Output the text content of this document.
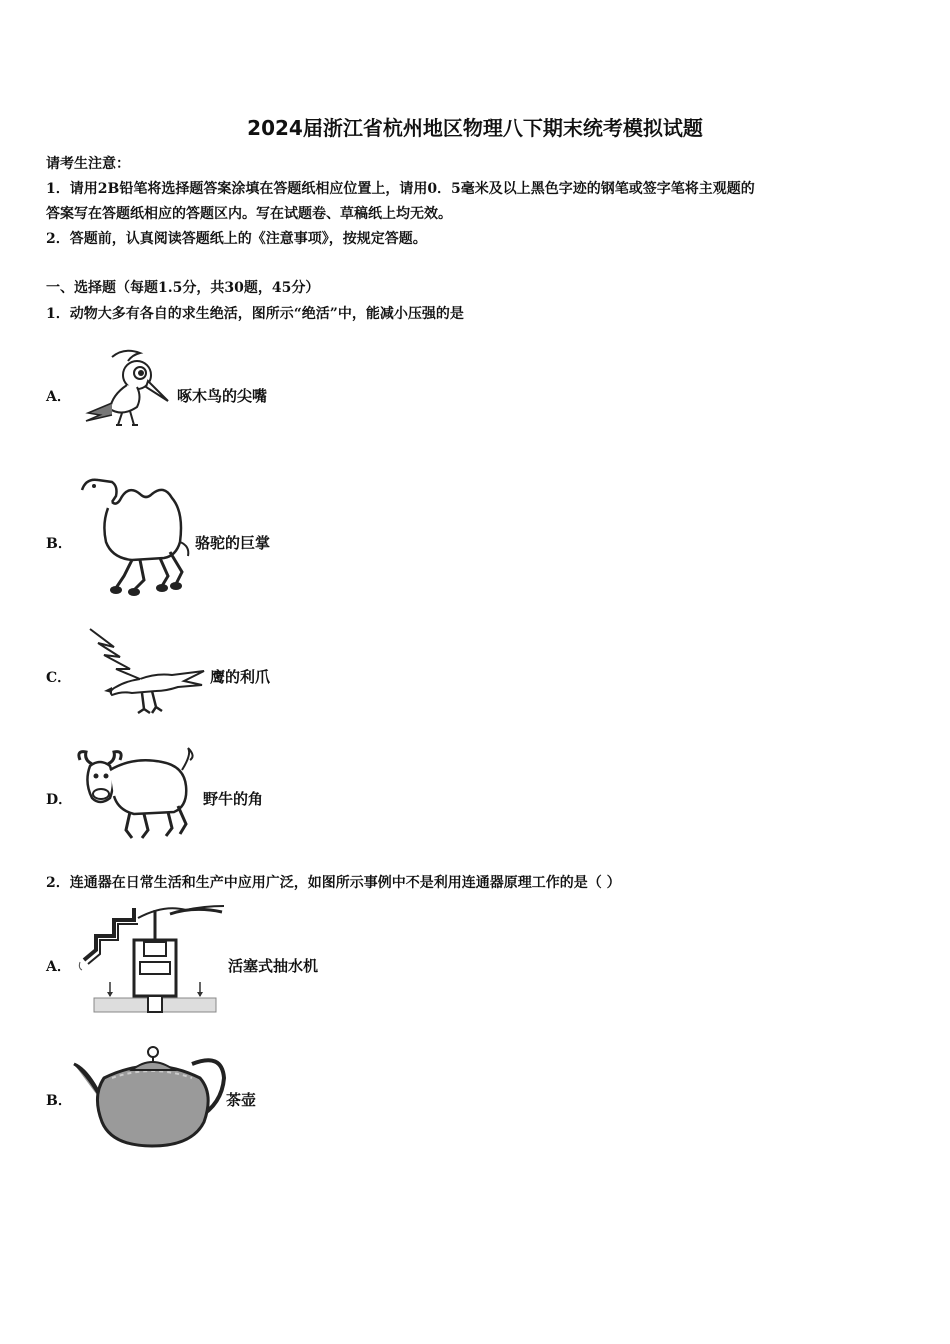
2024届浙江省杭州地区物理八下期末统考模拟试题
请考生注意：
1．请用2B铅笔将选择题答案涂填在答题纸相应位置上，请用0．5毫米及以上黑色字迹的钢笔或签字笔将主观题的
答案写在答题纸相应的答题区内。写在试题卷、草稿纸上均无效。
2．答题前，认真阅读答题纸上的《注意事项》，按规定答题。
一、选择题（每题1.5分，共30题，45分）
1．动物大多有各自的求生绝活，图所示“绝活”中，能减小压强的是
A．	啄木鸟的尖嘴
B．	骆驼的巨掌
C．	鹰的利爪
D．	野牛的角
2．连通器在日常生活和生产中应用广泛，如图所示事例中不是利用连通器原理工作的是（ ）
A．	活塞式抽水机
B．	茶壶
